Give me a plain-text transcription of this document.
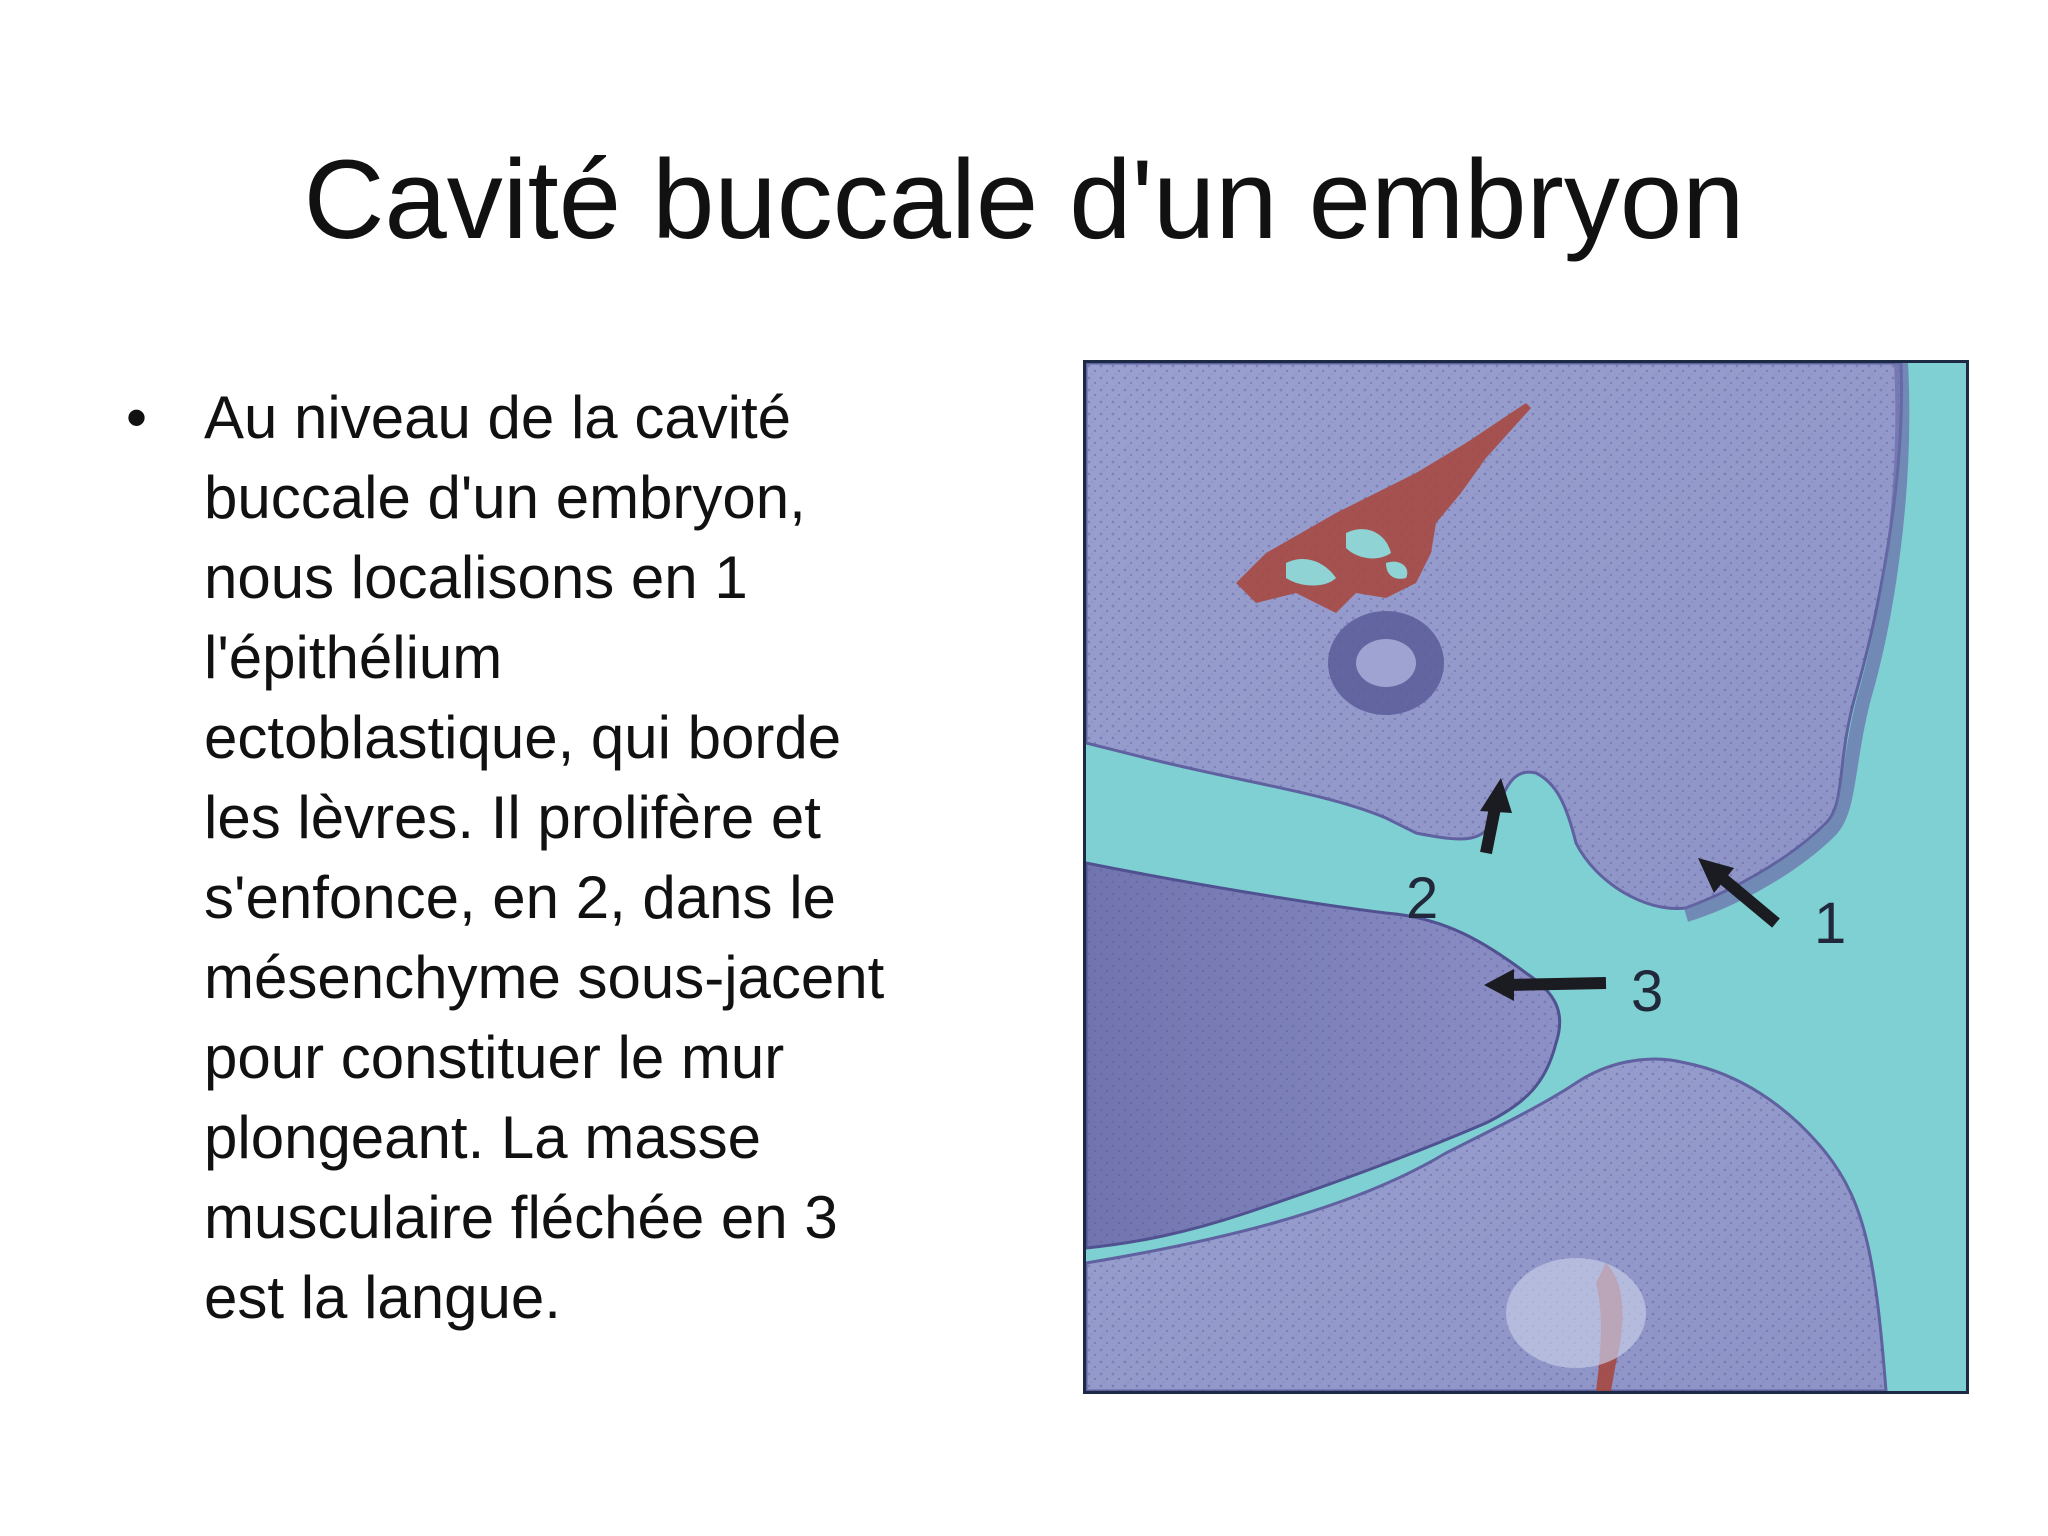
Cavité buccale d'un embryon
• Au niveau de la cavité
buccale d'un embryon,
nous localisons en 1
l'épithélium
ectoblastique, qui borde
les lèvres. Il prolifère et
s'enfonce, en 2, dans le
mésenchyme sous-jacent
pour constituer le mur
plongeant. La masse
musculaire fléchée en 3
est la langue.
1
2
3
